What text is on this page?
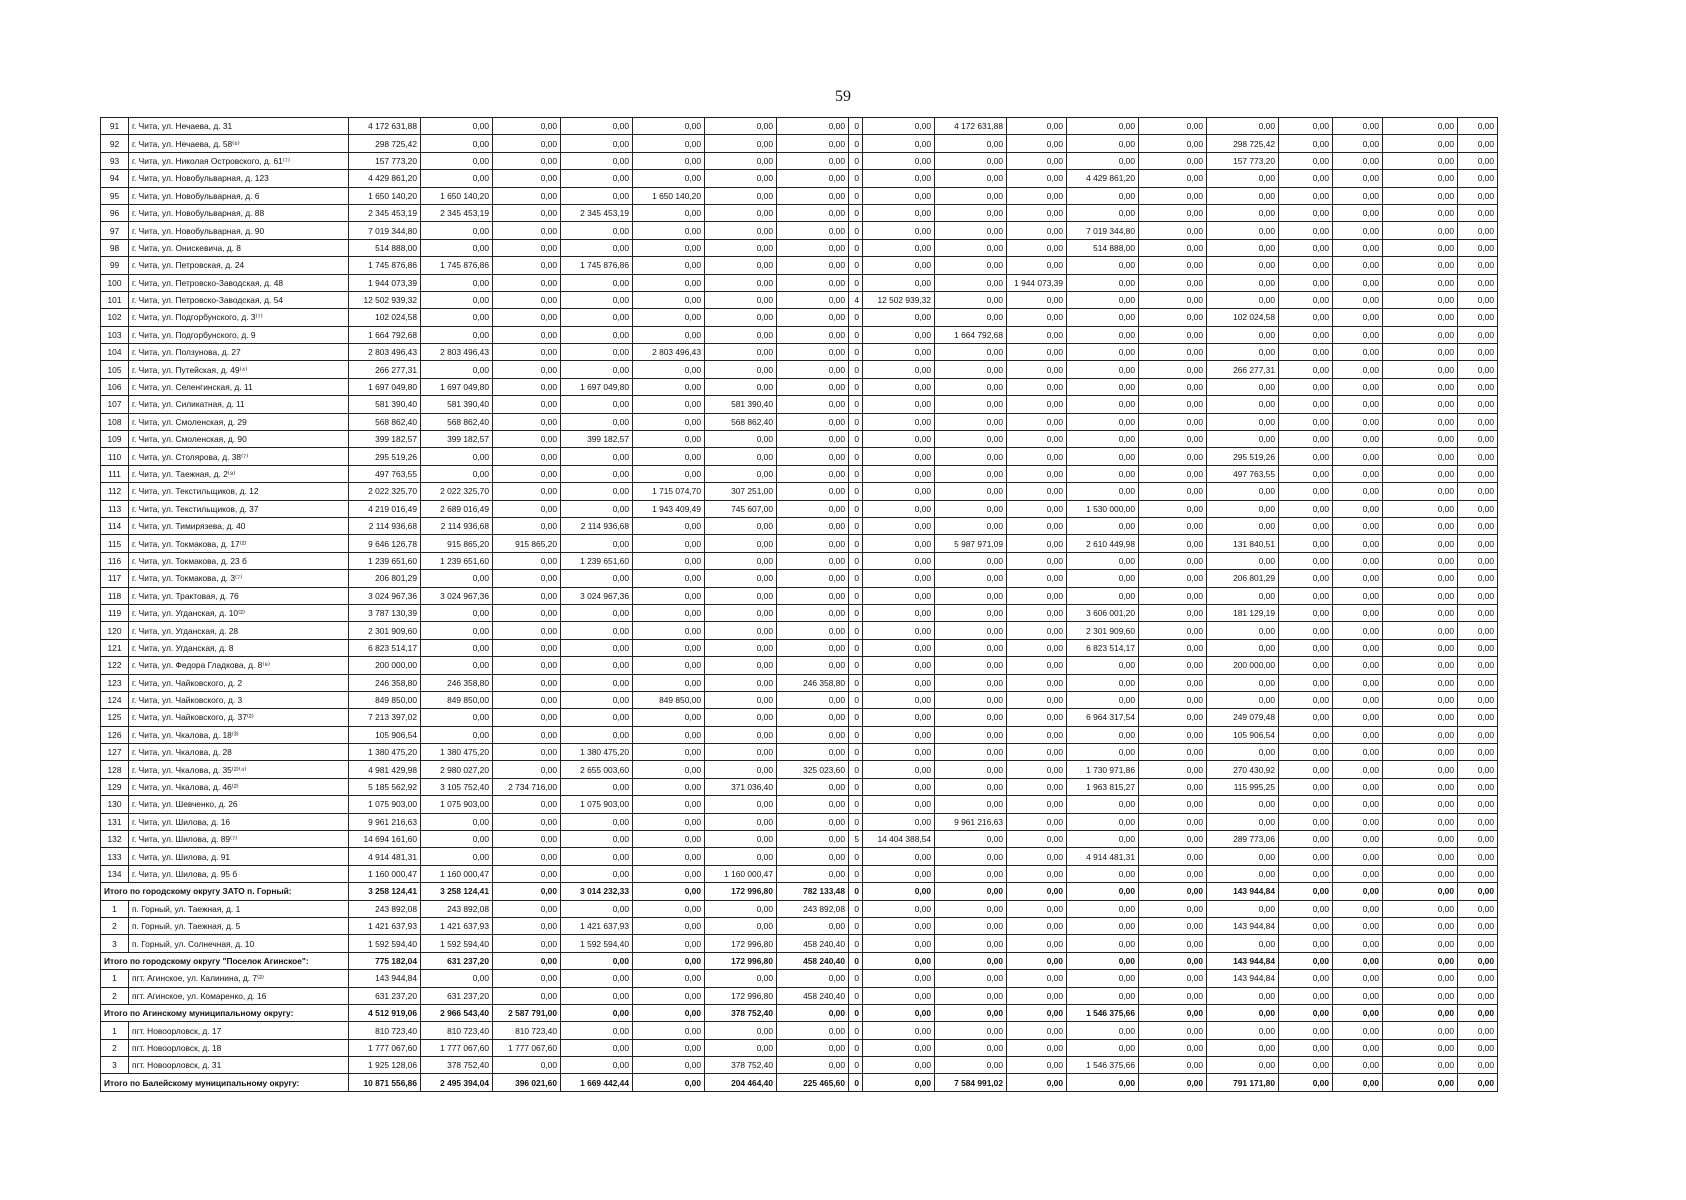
59
91	г. Чита, ул. Нечаева, д. 31	4 172 631,88	0,00	0,00	0,00	0,00	0,00	0,00	0	0,00	4 172 631,88	0,00	0,00	0,00	0,00	0,00	0,00	0,00	0,00
92	г. Чита, ул. Нечаева, д. 58⁽⁶⁾	298 725,42	0,00	0,00	0,00	0,00	0,00	0,00	0	0,00	0,00	0,00	0,00	0,00	298 725,42	0,00	0,00	0,00	0,00
93	г. Чита, ул. Николая Островского, д. 61⁽⁷⁾	157 773,20	0,00	0,00	0,00	0,00	0,00	0,00	0	0,00	0,00	0,00	0,00	0,00	157 773,20	0,00	0,00	0,00	0,00
94	г. Чита, ул. Новобульварная, д. 123	4 429 861,20	0,00	0,00	0,00	0,00	0,00	0,00	0	0,00	0,00	0,00	4 429 861,20	0,00	0,00	0,00	0,00	0,00	0,00
95	г. Чита, ул. Новобульварная, д. 6	1 650 140,20	1 650 140,20	0,00	0,00	1 650 140,20	0,00	0,00	0	0,00	0,00	0,00	0,00	0,00	0,00	0,00	0,00	0,00	0,00
96	г. Чита, ул. Новобульварная, д. 88	2 345 453,19	2 345 453,19	0,00	2 345 453,19	0,00	0,00	0,00	0	0,00	0,00	0,00	0,00	0,00	0,00	0,00	0,00	0,00	0,00
97	г. Чита, ул. Новобульварная, д. 90	7 019 344,80	0,00	0,00	0,00	0,00	0,00	0,00	0	0,00	0,00	0,00	7 019 344,80	0,00	0,00	0,00	0,00	0,00	0,00
98	г. Чита, ул. Онискевича, д. 8	514 888,00	0,00	0,00	0,00	0,00	0,00	0,00	0	0,00	0,00	0,00	514 888,00	0,00	0,00	0,00	0,00	0,00	0,00
99	г. Чита, ул. Петровская, д. 24	1 745 876,86	1 745 876,86	0,00	1 745 876,86	0,00	0,00	0,00	0	0,00	0,00	0,00	0,00	0,00	0,00	0,00	0,00	0,00	0,00
100	г. Чита, ул. Петровско-Заводская, д. 48	1 944 073,39	0,00	0,00	0,00	0,00	0,00	0,00	0	0,00	0,00	1 944 073,39	0,00	0,00	0,00	0,00	0,00	0,00	0,00
101	г. Чита, ул. Петровско-Заводская, д. 54	12 502 939,32	0,00	0,00	0,00	0,00	0,00	0,00	4	12 502 939,32	0,00	0,00	0,00	0,00	0,00	0,00	0,00	0,00	0,00
102	г. Чита, ул. Подгорбунского, д. 3⁽⁷⁾	102 024,58	0,00	0,00	0,00	0,00	0,00	0,00	0	0,00	0,00	0,00	0,00	0,00	102 024,58	0,00	0,00	0,00	0,00
103	г. Чита, ул. Подгорбунского, д. 9	1 664 792,68	0,00	0,00	0,00	0,00	0,00	0,00	0	0,00	1 664 792,68	0,00	0,00	0,00	0,00	0,00	0,00	0,00	0,00
104	г. Чита, ул. Ползунова, д. 27	2 803 496,43	2 803 496,43	0,00	0,00	2 803 496,43	0,00	0,00	0	0,00	0,00	0,00	0,00	0,00	0,00	0,00	0,00	0,00	0,00
105	г. Чита, ул. Путейская, д. 49⁽⁴⁾	266 277,31	0,00	0,00	0,00	0,00	0,00	0,00	0	0,00	0,00	0,00	0,00	0,00	266 277,31	0,00	0,00	0,00	0,00
106	г. Чита, ул. Селенгинская, д. 11	1 697 049,80	1 697 049,80	0,00	1 697 049,80	0,00	0,00	0,00	0	0,00	0,00	0,00	0,00	0,00	0,00	0,00	0,00	0,00	0,00
107	г. Чита, ул. Силикатная, д. 11	581 390,40	581 390,40	0,00	0,00	0,00	581 390,40	0,00	0	0,00	0,00	0,00	0,00	0,00	0,00	0,00	0,00	0,00	0,00
108	г. Чита, ул. Смоленская, д. 29	568 862,40	568 862,40	0,00	0,00	0,00	568 862,40	0,00	0	0,00	0,00	0,00	0,00	0,00	0,00	0,00	0,00	0,00	0,00
109	г. Чита, ул. Смоленская, д. 90	399 182,57	399 182,57	0,00	399 182,57	0,00	0,00	0,00	0	0,00	0,00	0,00	0,00	0,00	0,00	0,00	0,00	0,00	0,00
110	г. Чита, ул. Столярова, д. 38⁽⁷⁾	295 519,26	0,00	0,00	0,00	0,00	0,00	0,00	0	0,00	0,00	0,00	0,00	0,00	295 519,26	0,00	0,00	0,00	0,00
111	г. Чита, ул. Таежная, д. 2⁽⁸⁾	497 763,55	0,00	0,00	0,00	0,00	0,00	0,00	0	0,00	0,00	0,00	0,00	0,00	497 763,55	0,00	0,00	0,00	0,00
112	г. Чита, ул. Текстильщиков, д. 12	2 022 325,70	2 022 325,70	0,00	0,00	1 715 074,70	307 251,00	0,00	0	0,00	0,00	0,00	0,00	0,00	0,00	0,00	0,00	0,00	0,00
113	г. Чита, ул. Текстильщиков, д. 37	4 219 016,49	2 689 016,49	0,00	0,00	1 943 409,49	745 607,00	0,00	0	0,00	0,00	0,00	1 530 000,00	0,00	0,00	0,00	0,00	0,00	0,00
114	г. Чита, ул. Тимирязева, д. 40	2 114 936,68	2 114 936,68	0,00	2 114 936,68	0,00	0,00	0,00	0	0,00	0,00	0,00	0,00	0,00	0,00	0,00	0,00	0,00	0,00
115	г. Чита, ул. Токмакова, д. 17⁽²⁾	9 646 126,78	915 865,20	915 865,20	0,00	0,00	0,00	0,00	0	0,00	5 987 971,09	0,00	2 610 449,98	0,00	131 840,51	0,00	0,00	0,00	0,00
116	г. Чита, ул. Токмакова, д. 23 б	1 239 651,60	1 239 651,60	0,00	1 239 651,60	0,00	0,00	0,00	0	0,00	0,00	0,00	0,00	0,00	0,00	0,00	0,00	0,00	0,00
117	г. Чита, ул. Токмакова, д. 3⁽⁷⁾	206 801,29	0,00	0,00	0,00	0,00	0,00	0,00	0	0,00	0,00	0,00	0,00	0,00	206 801,29	0,00	0,00	0,00	0,00
118	г. Чита, ул. Трактовая, д. 76	3 024 967,36	3 024 967,36	0,00	3 024 967,36	0,00	0,00	0,00	0	0,00	0,00	0,00	0,00	0,00	0,00	0,00	0,00	0,00	0,00
119	г. Чита, ул. Угданская, д. 10⁽²⁾	3 787 130,39	0,00	0,00	0,00	0,00	0,00	0,00	0	0,00	0,00	0,00	3 606 001,20	0,00	181 129,19	0,00	0,00	0,00	0,00
120	г. Чита, ул. Угданская, д. 28	2 301 909,60	0,00	0,00	0,00	0,00	0,00	0,00	0	0,00	0,00	0,00	2 301 909,60	0,00	0,00	0,00	0,00	0,00	0,00
121	г. Чита, ул. Угданская, д. 8	6 823 514,17	0,00	0,00	0,00	0,00	0,00	0,00	0	0,00	0,00	0,00	6 823 514,17	0,00	0,00	0,00	0,00	0,00	0,00
122	г. Чита, ул. Федора Гладкова, д. 8⁽⁹⁾	200 000,00	0,00	0,00	0,00	0,00	0,00	0,00	0	0,00	0,00	0,00	0,00	0,00	200 000,00	0,00	0,00	0,00	0,00
123	г. Чита, ул. Чайковского, д. 2	246 358,80	246 358,80	0,00	0,00	0,00	0,00	246 358,80	0	0,00	0,00	0,00	0,00	0,00	0,00	0,00	0,00	0,00	0,00
124	г. Чита, ул. Чайковского, д. 3	849 850,00	849 850,00	0,00	0,00	849 850,00	0,00	0,00	0	0,00	0,00	0,00	0,00	0,00	0,00	0,00	0,00	0,00	0,00
125	г. Чита, ул. Чайковского, д. 37⁽²⁾	7 213 397,02	0,00	0,00	0,00	0,00	0,00	0,00	0	0,00	0,00	0,00	6 964 317,54	0,00	249 079,48	0,00	0,00	0,00	0,00
126	г. Чита, ул. Чкалова, д. 18⁽³⁾	105 906,54	0,00	0,00	0,00	0,00	0,00	0,00	0	0,00	0,00	0,00	0,00	0,00	105 906,54	0,00	0,00	0,00	0,00
127	г. Чита, ул. Чкалова, д. 28	1 380 475,20	1 380 475,20	0,00	1 380 475,20	0,00	0,00	0,00	0	0,00	0,00	0,00	0,00	0,00	0,00	0,00	0,00	0,00	0,00
128	г. Чита, ул. Чкалова, д. 35⁽²⁾⁽⁴⁾	4 981 429,98	2 980 027,20	0,00	2 655 003,60	0,00	0,00	325 023,60	0	0,00	0,00	0,00	1 730 971,86	0,00	270 430,92	0,00	0,00	0,00	0,00
129	г. Чита, ул. Чкалова, д. 46⁽²⁾	5 185 562,92	3 105 752,40	2 734 716,00	0,00	0,00	371 036,40	0,00	0	0,00	0,00	0,00	1 963 815,27	0,00	115 995,25	0,00	0,00	0,00	0,00
130	г. Чита, ул. Шевченко, д. 26	1 075 903,00	1 075 903,00	0,00	1 075 903,00	0,00	0,00	0,00	0	0,00	0,00	0,00	0,00	0,00	0,00	0,00	0,00	0,00	0,00
131	г. Чита, ул. Шилова, д. 16	9 961 216,63	0,00	0,00	0,00	0,00	0,00	0,00	0	0,00	9 961 216,63	0,00	0,00	0,00	0,00	0,00	0,00	0,00	0,00
132	г. Чита, ул. Шилова, д. 89⁽⁷⁾	14 694 161,60	0,00	0,00	0,00	0,00	0,00	0,00	5	14 404 388,54	0,00	0,00	0,00	0,00	289 773,06	0,00	0,00	0,00	0,00
133	г. Чита, ул. Шилова, д. 91	4 914 481,31	0,00	0,00	0,00	0,00	0,00	0,00	0	0,00	0,00	0,00	4 914 481,31	0,00	0,00	0,00	0,00	0,00	0,00
134	г. Чита, ул. Шилова, д. 95 б	1 160 000,47	1 160 000,47	0,00	0,00	0,00	1 160 000,47	0,00	0	0,00	0,00	0,00	0,00	0,00	0,00	0,00	0,00	0,00	0,00
Итого по городскому округу ЗАТО п. Горный:		3 258 124,41	3 258 124,41	0,00	3 014 232,33	0,00	172 996,80	782 133,48	0	0,00	0,00	0,00	0,00	0,00	143 944,84	0,00	0,00	0,00	0,00
1	п. Горный, ул. Таежная, д. 1	243 892,08	243 892,08	0,00	0,00	0,00	0,00	243 892,08	0	0,00	0,00	0,00	0,00	0,00	0,00	0,00	0,00	0,00	0,00
2	п. Горный, ул. Таежная, д. 5	1 421 637,93	1 421 637,93	0,00	1 421 637,93	0,00	0,00	0,00	0	0,00	0,00	0,00	0,00	0,00	143 944,84	0,00	0,00	0,00	0,00
3	п. Горный, ул. Солнечная, д. 10	1 592 594,40	1 592 594,40	0,00	1 592 594,40	0,00	172 996,80	458 240,40	0	0,00	0,00	0,00	0,00	0,00	0,00	0,00	0,00	0,00	0,00
Итого по городскому округу "Поселок Агинское":		775 182,04	631 237,20	0,00	0,00	0,00	172 996,80	458 240,40	0	0,00	0,00	0,00	0,00	0,00	143 944,84	0,00	0,00	0,00	0,00
1	пгт. Агинское, ул. Калинина, д. 7⁽²⁾	143 944,84	0,00	0,00	0,00	0,00	0,00	0,00	0	0,00	0,00	0,00	0,00	0,00	143 944,84	0,00	0,00	0,00	0,00
2	пгт. Агинское, ул. Комаренко, д. 16	631 237,20	631 237,20	0,00	0,00	0,00	172 996,80	458 240,40	0	0,00	0,00	0,00	0,00	0,00	0,00	0,00	0,00	0,00	0,00
Итого по Агинскому муниципальному округу:		4 512 919,06	2 966 543,40	2 587 791,00	0,00	0,00	378 752,40	0,00	0	0,00	0,00	0,00	1 546 375,66	0,00	0,00	0,00	0,00	0,00	0,00
1	пгт. Новоорловск, д. 17	810 723,40	810 723,40	810 723,40	0,00	0,00	0,00	0,00	0	0,00	0,00	0,00	0,00	0,00	0,00	0,00	0,00	0,00	0,00
2	пгт. Новоорловск, д. 18	1 777 067,60	1 777 067,60	1 777 067,60	0,00	0,00	0,00	0,00	0	0,00	0,00	0,00	0,00	0,00	0,00	0,00	0,00	0,00	0,00
3	пгт. Новоорловск, д. 31	1 925 128,06	378 752,40	0,00	0,00	0,00	378 752,40	0,00	0	0,00	0,00	0,00	1 546 375,66	0,00	0,00	0,00	0,00	0,00	0,00
Итого по Балейскому муниципальному округу:		10 871 556,86	2 495 394,04	396 021,60	1 669 442,44	0,00	204 464,40	225 465,60	0	0,00	7 584 991,02	0,00	0,00	0,00	791 171,80	0,00	0,00	0,00	0,00
